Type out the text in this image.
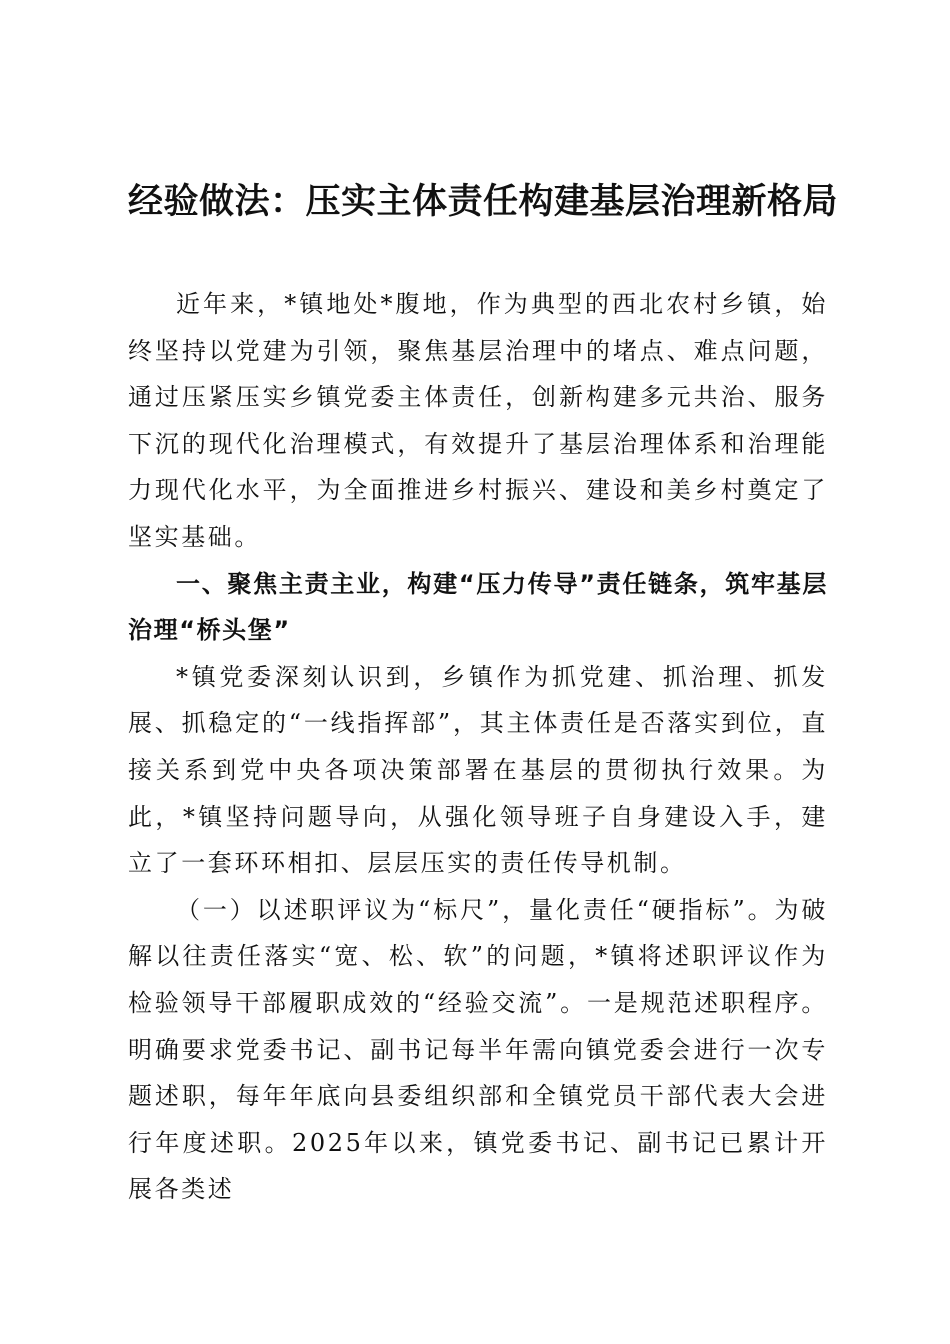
经验做法：压实主体责任构建基层治理新格局

近年来，*镇地处*腹地，作为典型的西北农村乡镇，始终坚持以党建为引领，聚焦基层治理中的堵点、难点问题，通过压紧压实乡镇党委主体责任，创新构建多元共治、服务下沉的现代化治理模式，有效提升了基层治理体系和治理能力现代化水平，为全面推进乡村振兴、建设和美乡村奠定了坚实基础。

一、聚焦主责主业，构建“压力传导”责任链条，筑牢基层治理“桥头堡”

*镇党委深刻认识到，乡镇作为抓党建、抓治理、抓发展、抓稳定的“一线指挥部”，其主体责任是否落实到位，直接关系到党中央各项决策部署在基层的贯彻执行效果。为此，*镇坚持问题导向，从强化领导班子自身建设入手，建立了一套环环相扣、层层压实的责任传导机制。

（一）以述职评议为“标尺”，量化责任“硬指标”。为破解以往责任落实“宽、松、软”的问题，*镇将述职评议作为检验领导干部履职成效的“经验交流”。一是规范述职程序。明确要求党委书记、副书记每半年需向镇党委会进行一次专题述职，每年年底向县委组织部和全镇党员干部代表大会进行年度述职。2025年以来，镇党委书记、副书记已累计开展各类述
